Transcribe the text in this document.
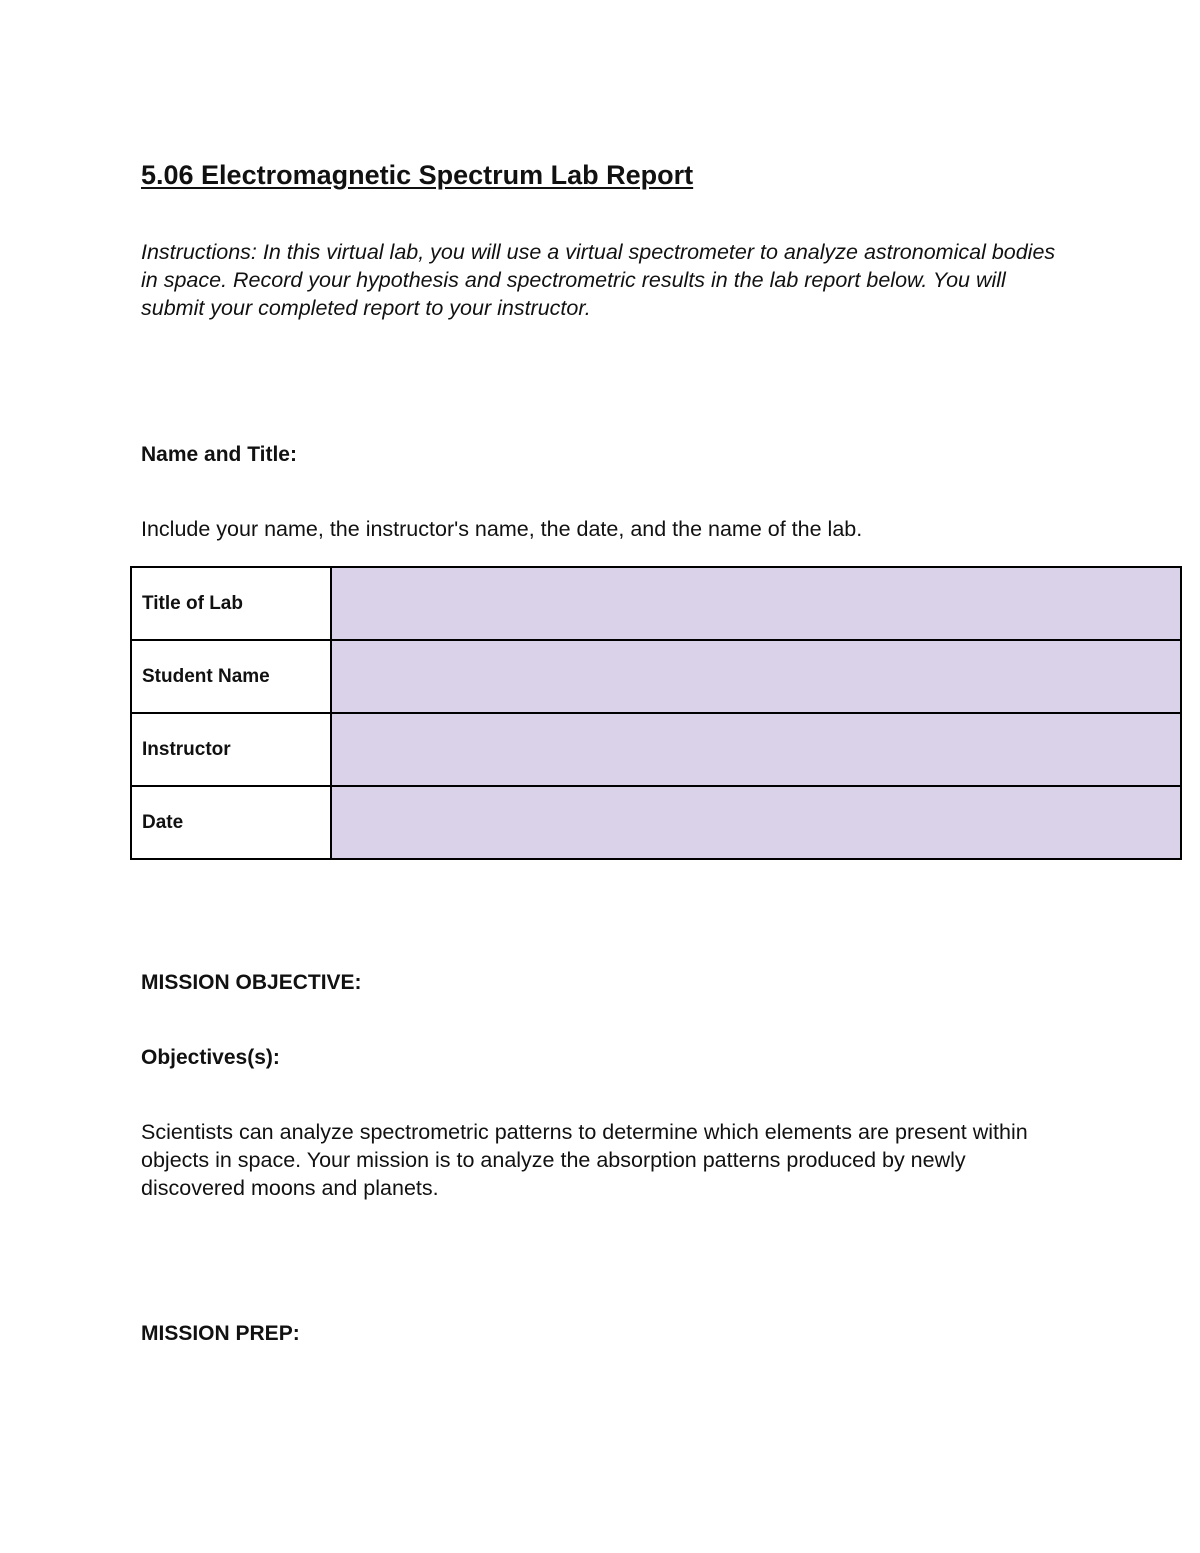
5.06 Electromagnetic Spectrum Lab Report

Instructions: In this virtual lab, you will use a virtual spectrometer to analyze astronomical bodies in space. Record your hypothesis and spectrometric results in the lab report below. You will submit your completed report to your instructor.

Name and Title:

Include your name, the instructor's name, the date, and the name of the lab.

Title of Lab	
Student Name	
Instructor	
Date	
MISSION OBJECTIVE:
Objectives(s):

Scientists can analyze spectrometric patterns to determine which elements are present within objects in space. Your mission is to analyze the absorption patterns produced by newly discovered moons and planets.

MISSION PREP:
